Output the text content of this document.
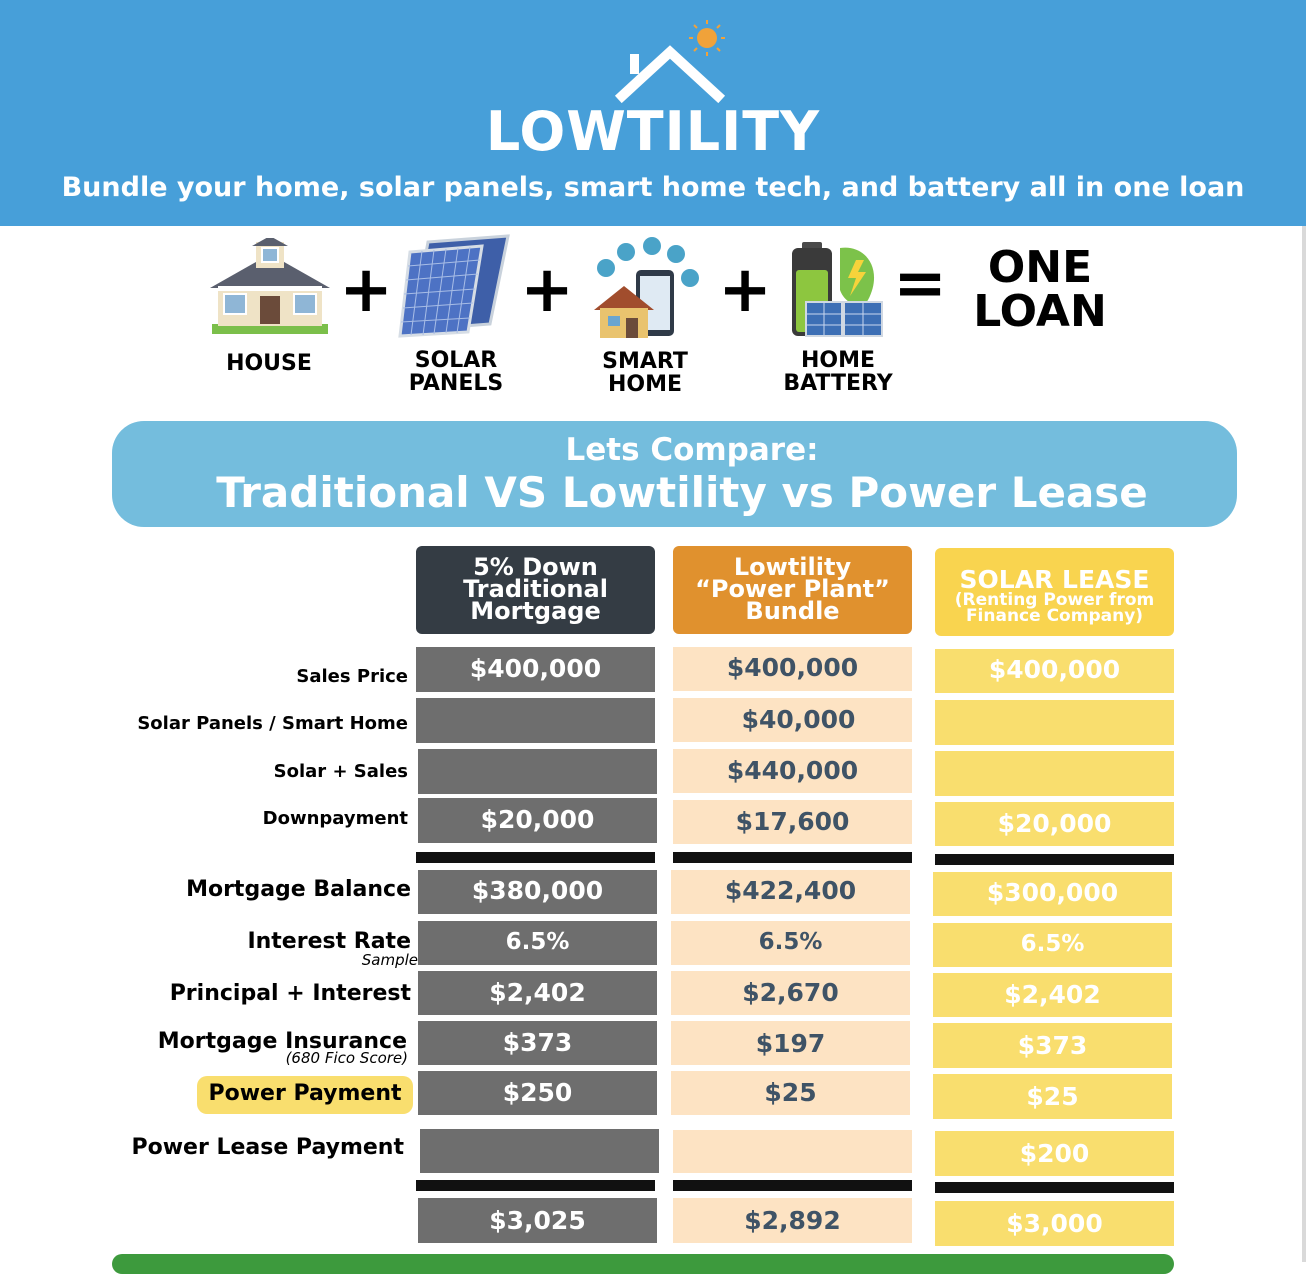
LOWTILITY
Bundle your home, solar panels, smart home tech, and battery all in one loan
HOUSE
+
SOLAR
PANELS
+
SMART
HOME
+
HOME
BATTERY
= ONE
LOAN
Lets Compare:
Traditional VS Lowtility vs Power Lease
5% Down
Traditional
Mortgage
Lowtility
“Power Plant”
Bundle
SOLAR LEASE
(Renting Power from
Finance Company)
Sales Price
Solar Panels / Smart Home
Solar + Sales
Downpayment
Mortgage Balance
Interest Rate
Sample
Principal + Interest
Mortgage Insurance
(680 Fico Score)
Power Payment
Power Lease Payment
$400,000
$20,000
$380,000
6.5%
$2,402
$373
$250
$3,025
$400,000
$40,000
$440,000
$17,600
$422,400
6.5%
$2,670
$197
$25
$2,892
$400,000
$20,000
$300,000
6.5%
$2,402
$373
$25
$200
$3,000
